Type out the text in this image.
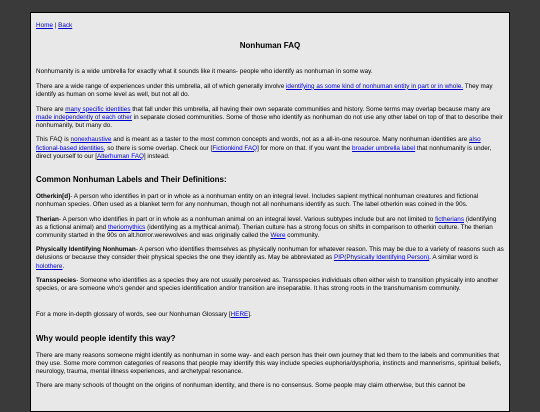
Home | Back
Nonhuman FAQ

Nonhumanity is a wide umbrella for exactly what it sounds like it means- people who identify as nonhuman in some way.

There are a wide range of experiences under this umbrella, all of which generally involve identifying as some kind of nonhuman entity in part or in whole. They may identify as human on some level as well, but not all do.

There are many specific identities that fall under this umbrella, all having their own separate communities and history. Some terms may overlap because many are made independently of each other in separate closed communities. Some of those who identify as nonhuman do not use any other label on top of that to describe their nonhumanity, but many do.

This FAQ is nonexhaustive and is meant as a taster to the most common concepts and words, not as a all-in-one resource. Many nonhuman identities are also fictional-based identities, so there is some overlap. Check our [Fictionkind FAQ] for more on that. If you want the broader umbrella label that nonhumanity is under, direct yourself to our [Alterhuman FAQ] instead.

Common Nonhuman Labels and Their Definitions:

Otherkin[d]- A person who identifies in part or in whole as a nonhuman entity on an integral level. Includes sapient mythical nonhuman creatures and fictional nonhuman species. Often used as a blanket term for any nonhuman, though not all nonhumans identify as such. The label otherkin was coined in the 90s.

Therian- A person who identifies in part or in whole as a nonhuman animal on an integral level. Various subtypes include but are not limited to fictherians (identifying as a fictional animal) and theriomythics (identifying as a mythical animal). Therian culture has a strong focus on shifts in comparison to otherkin culture. The therian community started in the 90s on alt.horror.werewolves and was originally called the Were community.

Physically Identifying Nonhuman- A person who identifies themselves as physically nonhuman for whatever reason. This may be due to a variety of reasons such as delusions or because they consider their physical species the one they identify as. May be abbreviated as PIP(Physically Identifying Person). A similar word is holothere.

Transspecies- Someone who identifies as a species they are not usually perceived as. Transspecies individuals often either wish to transition physically into another species, or are someone who's gender and species identification and/or transition are inseparable. It has strong roots in the transhumanism community.

For a more in-depth glossary of words, see our Nonhuman Glossary [HERE].

Why would people identify this way?

There are many reasons someone might identify as nonhuman in some way- and each person has their own journey that led them to the labels and communities that they use. Some more common categories of reasons that people may identify this way include species euphoria/dysphoria, instincts and mannerisms, spiritual beliefs, neurology, trauma, mental illness experiences, and archetypal resonance.

There are many schools of thought on the origins of nonhuman identity, and there is no consensus. Some people may claim otherwise, but this cannot be
